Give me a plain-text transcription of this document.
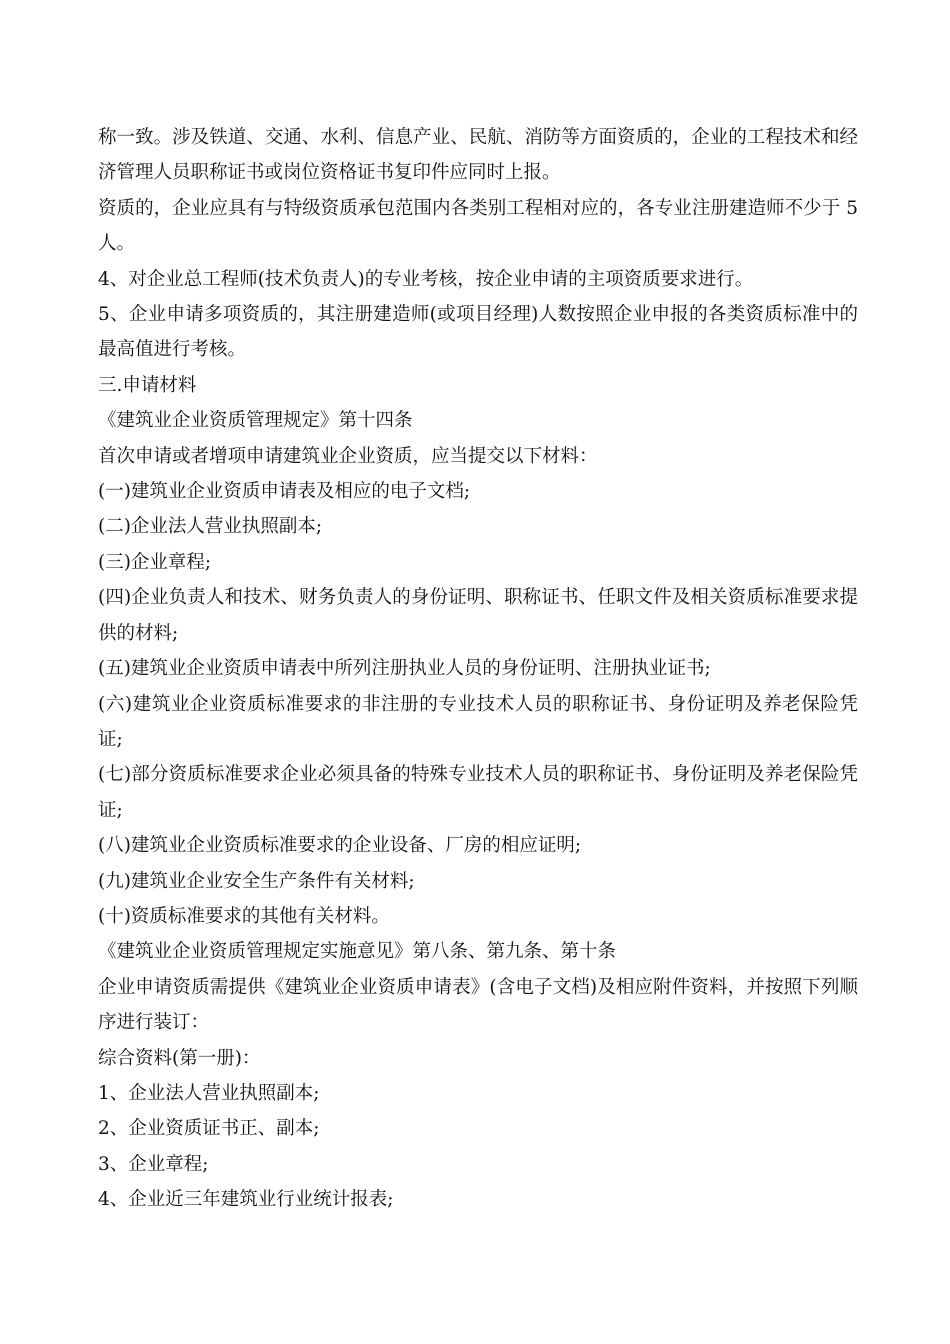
称一致。涉及铁道、交通、水利、信息产业、民航、消防等方面资质的，企业的工程技术和经济管理人员职称证书或岗位资格证书复印件应同时上报。

资质的，企业应具有与特级资质承包范围内各类别工程相对应的，各专业注册建造师不少于 5 人。

4、对企业总工程师(技术负责人)的专业考核，按企业申请的主项资质要求进行。

5、企业申请多项资质的，其注册建造师(或项目经理)人数按照企业申报的各类资质标准中的最高值进行考核。

三.申请材料

《建筑业企业资质管理规定》第十四条

首次申请或者增项申请建筑业企业资质，应当提交以下材料：

(一)建筑业企业资质申请表及相应的电子文档;

(二)企业法人营业执照副本;

(三)企业章程;

(四)企业负责人和技术、财务负责人的身份证明、职称证书、任职文件及相关资质标准要求提供的材料;

(五)建筑业企业资质申请表中所列注册执业人员的身份证明、注册执业证书;

(六)建筑业企业资质标准要求的非注册的专业技术人员的职称证书、身份证明及养老保险凭证;

(七)部分资质标准要求企业必须具备的特殊专业技术人员的职称证书、身份证明及养老保险凭证;

(八)建筑业企业资质标准要求的企业设备、厂房的相应证明;

(九)建筑业企业安全生产条件有关材料;

(十)资质标准要求的其他有关材料。

《建筑业企业资质管理规定实施意见》第八条、第九条、第十条

企业申请资质需提供《建筑业企业资质申请表》(含电子文档)及相应附件资料，并按照下列顺序进行装订：

综合资料(第一册)：

1、企业法人营业执照副本;

2、企业资质证书正、副本;

3、企业章程;

4、企业近三年建筑业行业统计报表;
